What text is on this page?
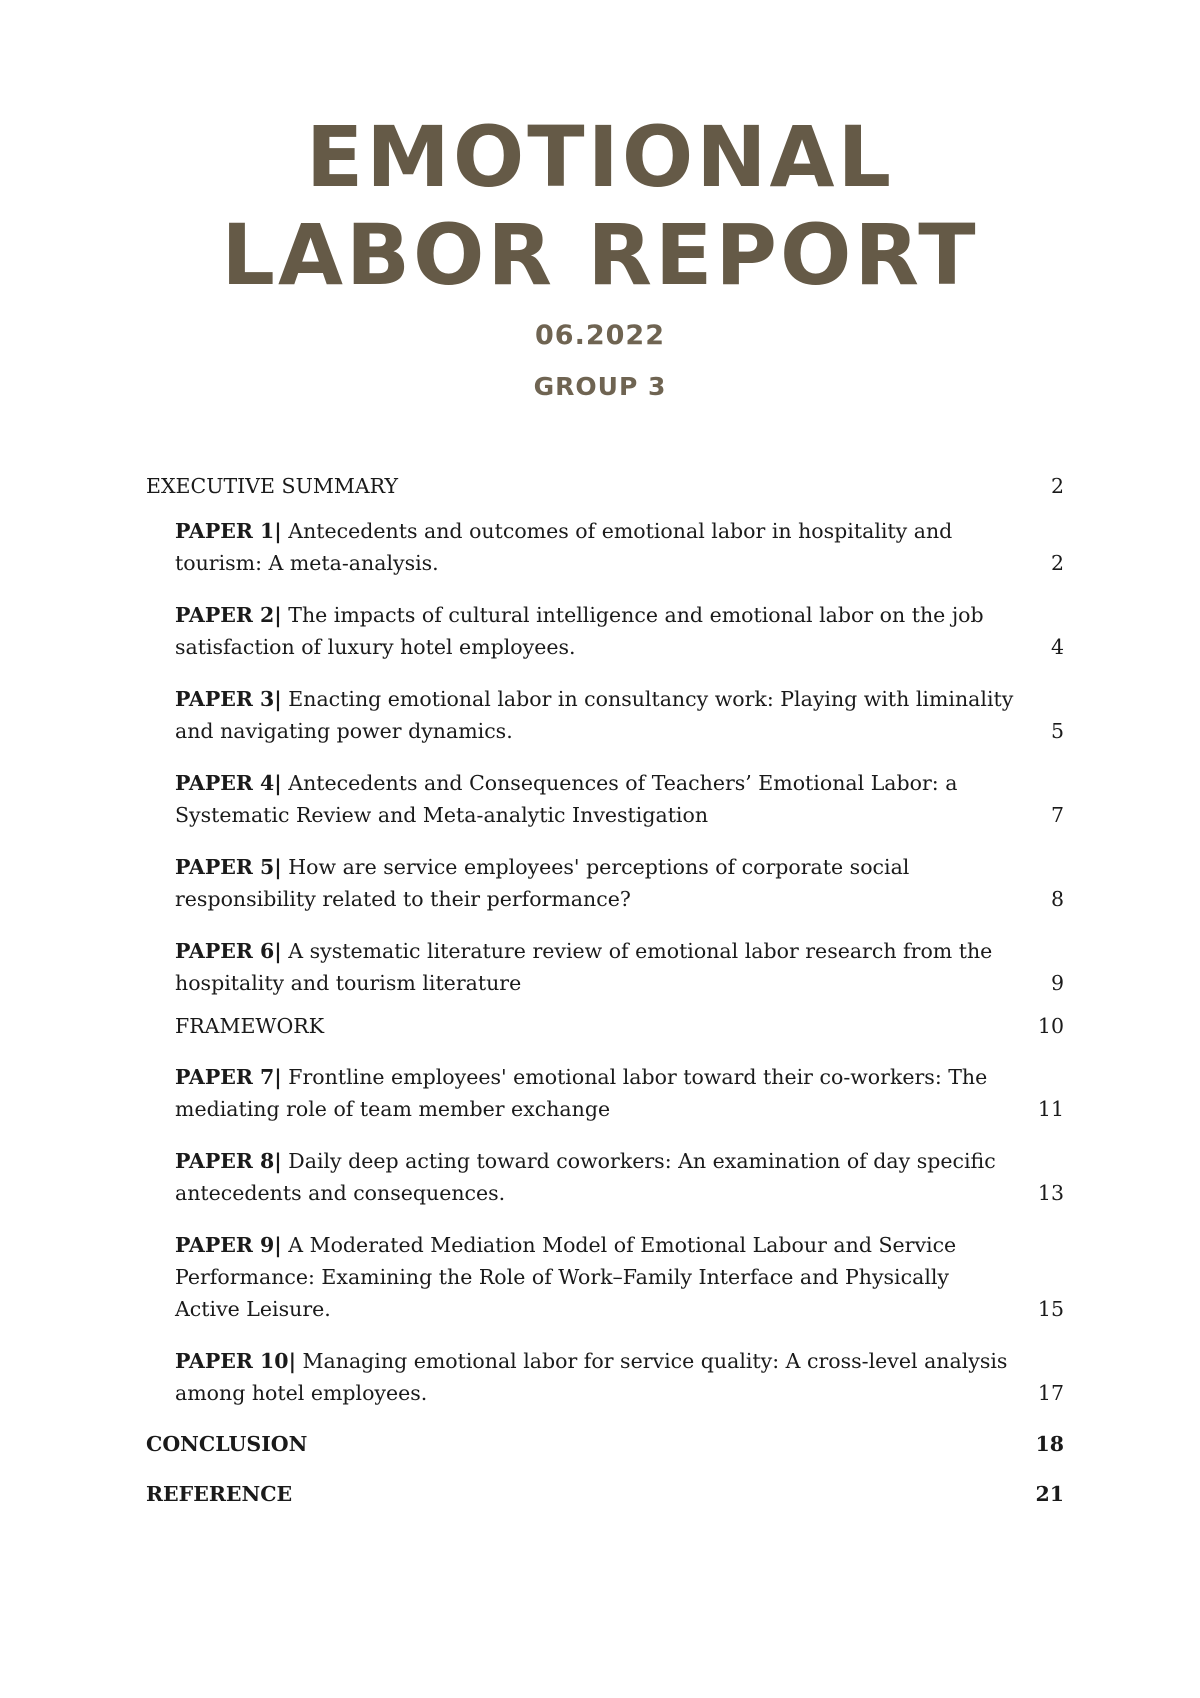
EMOTIONAL
LABOR REPORT
06.2022
GROUP 3
EXECUTIVE SUMMARY	2
PAPER 1| Antecedents and outcomes of emotional labor in hospitality and tourism: A meta-analysis.	2
PAPER 2| The impacts of cultural intelligence and emotional labor on the job satisfaction of luxury hotel employees.	4
PAPER 3| Enacting emotional labor in consultancy work: Playing with liminality and navigating power dynamics.	5
PAPER 4| Antecedents and Consequences of Teachers’ Emotional Labor: a Systematic Review and Meta-analytic Investigation	7
PAPER 5| How are service employees' perceptions of corporate social responsibility related to their performance?	8
PAPER 6| A systematic literature review of emotional labor research from the hospitality and tourism literature	9
FRAMEWORK	10
PAPER 7| Frontline employees' emotional labor toward their co-workers: The mediating role of team member exchange	11
PAPER 8| Daily deep acting toward coworkers: An examination of day specific antecedents and consequences.	13
PAPER 9| A Moderated Mediation Model of Emotional Labour and Service Performance: Examining the Role of Work–Family Interface and Physically Active Leisure.	15
PAPER 10| Managing emotional labor for service quality: A cross-level analysis among hotel employees.	17
CONCLUSION	18
REFERENCE	21
